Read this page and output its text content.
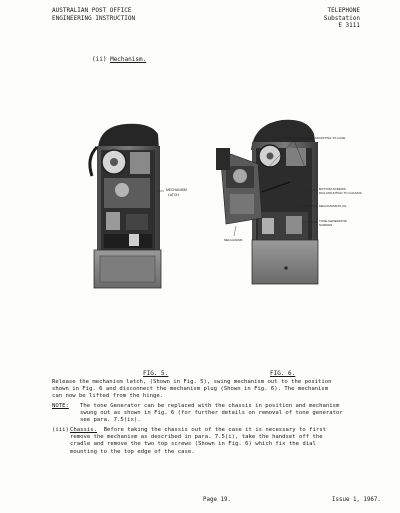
AUSTRALIAN POST OFFICE
ENGINEERING INSTRUCTION
TELEPHONE
Substation
E 3111
(ii) Mechanism.
MECHANISM
LATCH
TOP SCREWS FIXING DIAL MOUNTING TO CASE
BOTTOM SCREWS
DIAL MOUNTING TO CHASSIS
MECHANISM PLUG
TONE GENERATOR
SCREWS
MECHANISM
FIG. 5.	FIG. 6.
Release the mechanism latch, (Shown in Fig. 5), swing mechanism out to the position
shown in Fig. 6 and disconnect the mechanism plug (Shown in Fig. 6). The mechanism
can now be lifted from the hinge.
NOTE: The tone Generator can be replaced with the chassis in position and mechanism
swung out as shown in Fig. 6 (for further details on removal of tone generator
see para. 7.5(ix).
(iii) Chassis.  Before taking the chassis out of the case it is necessary to first
remove the mechanism as described in para. 7.5(i), take the handset off the
cradle and remove the two top screws (Shown in Fig. 6) which fix the dial
mounting to the top edge of the case.
Page 19.	Issue 1, 1967.
